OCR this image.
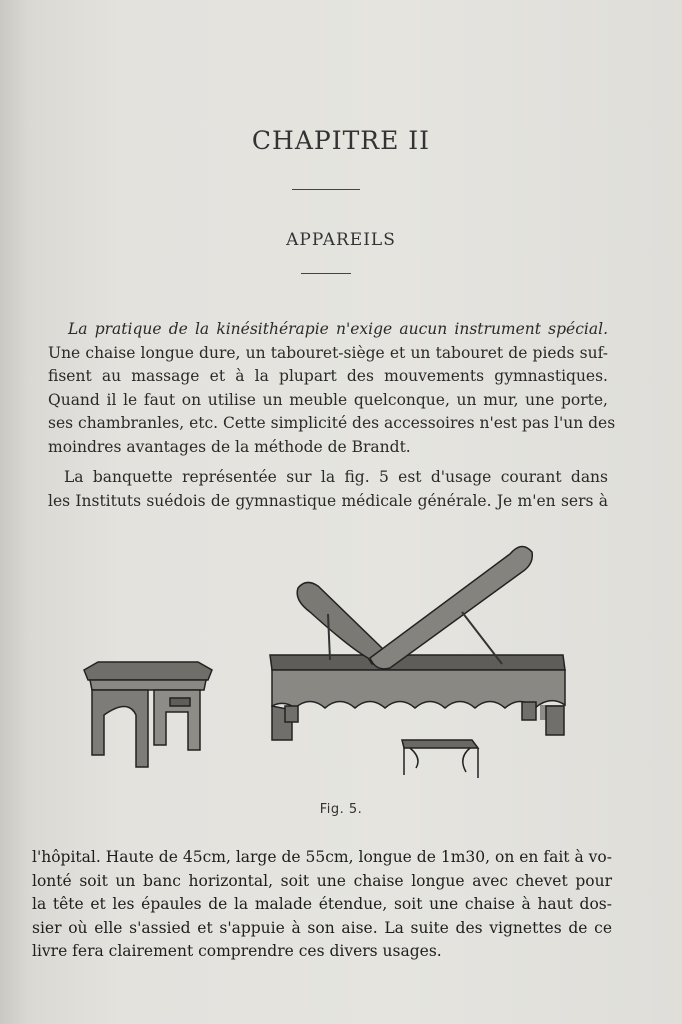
CHAPITRE II
APPAREILS
La pratique de la kinésithérapie n'exige aucun instrument spécial.
Une chaise longue dure, un tabouret-siège et un tabouret de pieds suf-
fisent au massage et à la plupart des mouvements gymnastiques.
Quand il le faut on utilise un meuble quelconque, un mur, une porte,
ses chambranles, etc. Cette simplicité des accessoires n'est pas l'un des
moindres avantages de la méthode de Brandt.
La banquette représentée sur la fig. 5 est d'usage courant dans
les Instituts suédois de gymnastique médicale générale. Je m'en sers à
Fig. 5.
l'hôpital. Haute de 45cm, large de 55cm, longue de 1m30, on en fait à vo-
lonté soit un banc horizontal, soit une chaise longue avec chevet pour
la tête et les épaules de la malade étendue, soit une chaise à haut dos-
sier où elle s'assied et s'appuie à son aise. La suite des vignettes de ce
livre fera clairement comprendre ces divers usages.
